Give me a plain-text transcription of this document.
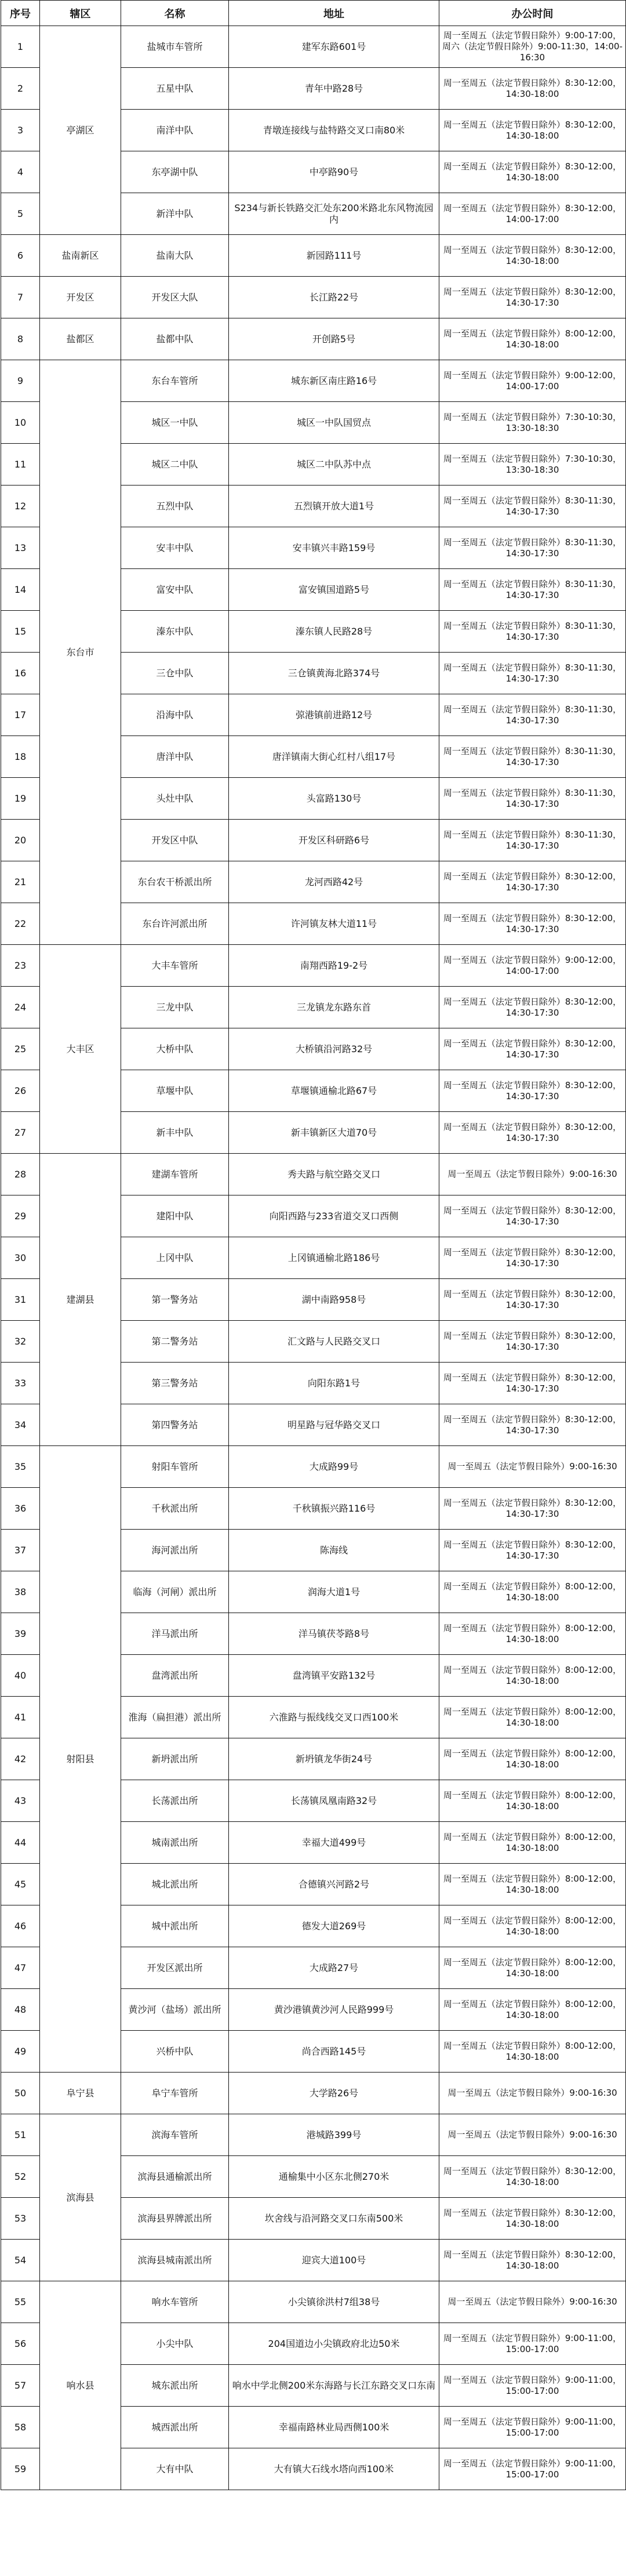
序号	辖区	名称	地址	办公时间
1	亭湖区	盐城市车管所	建军东路601号	周一至周五（法定节假日除外）9:00-17:00，周六（法定节假日除外）9:00-11:30，14:00-16:30
2		五星中队	青年中路28号	周一至周五（法定节假日除外）8:30-12:00，14:30-18:00
3		南洋中队	青墩连接线与盐特路交叉口南80米	周一至周五（法定节假日除外）8:30-12:00，14:30-18:00
4		东亭湖中队	中亭路90号	周一至周五（法定节假日除外）8:30-12:00，14:30-18:00
5		新洋中队	S234与新长铁路交汇处东200米路北东风物流园内	周一至周五（法定节假日除外）8:30-12:00，14:00-17:00
6	盐南新区	盐南大队	新园路111号	周一至周五（法定节假日除外）8:30-12:00，14:30-18:00
7	开发区	开发区大队	长江路22号	周一至周五（法定节假日除外）8:30-12:00，14:30-17:30
8	盐都区	盐都中队	开创路5号	周一至周五（法定节假日除外）8:00-12:00，14:30-18:00
9	东台市	东台车管所	城东新区南庄路16号	周一至周五（法定节假日除外）9:00-12:00，14:00-17:00
10		城区一中队	城区一中队国贸点	周一至周五（法定节假日除外）7:30-10:30，13:30-18:30
11		城区二中队	城区二中队苏中点	周一至周五（法定节假日除外）7:30-10:30，13:30-18:30
12		五烈中队	五烈镇开放大道1号	周一至周五（法定节假日除外）8:30-11:30，14:30-17:30
13		安丰中队	安丰镇兴丰路159号	周一至周五（法定节假日除外）8:30-11:30，14:30-17:30
14		富安中队	富安镇国道路5号	周一至周五（法定节假日除外）8:30-11:30，14:30-17:30
15		溱东中队	溱东镇人民路28号	周一至周五（法定节假日除外）8:30-11:30，14:30-17:30
16		三仓中队	三仓镇黄海北路374号	周一至周五（法定节假日除外）8:30-11:30，14:30-17:30
17		沿海中队	弶港镇前进路12号	周一至周五（法定节假日除外）8:30-11:30，14:30-17:30
18		唐洋中队	唐洋镇南大街心红村八组17号	周一至周五（法定节假日除外）8:30-11:30，14:30-17:30
19		头灶中队	头富路130号	周一至周五（法定节假日除外）8:30-11:30，14:30-17:30
20		开发区中队	开发区科研路6号	周一至周五（法定节假日除外）8:30-11:30，14:30-17:30
21		东台农干桥派出所	龙河西路42号	周一至周五（法定节假日除外）8:30-12:00，14:30-17:30
22		东台许河派出所	许河镇友林大道11号	周一至周五（法定节假日除外）8:30-12:00，14:30-17:30
23	大丰区	大丰车管所	南翔西路19-2号	周一至周五（法定节假日除外）9:00-12:00，14:00-17:00
24		三龙中队	三龙镇龙东路东首	周一至周五（法定节假日除外）8:30-12:00，14:30-17:30
25		大桥中队	大桥镇沿河路32号	周一至周五（法定节假日除外）8:30-12:00，14:30-17:30
26		草堰中队	草堰镇通榆北路67号	周一至周五（法定节假日除外）8:30-12:00，14:30-17:30
27		新丰中队	新丰镇新区大道70号	周一至周五（法定节假日除外）8:30-12:00，14:30-17:30
28	建湖县	建湖车管所	秀夫路与航空路交叉口	周一至周五（法定节假日除外）9:00-16:30
29		建阳中队	向阳西路与233省道交叉口西侧	周一至周五（法定节假日除外）8:30-12:00，14:30-17:30
30		上冈中队	上冈镇通榆北路186号	周一至周五（法定节假日除外）8:30-12:00，14:30-17:30
31		第一警务站	湖中南路958号	周一至周五（法定节假日除外）8:30-12:00，14:30-17:30
32		第二警务站	汇文路与人民路交叉口	周一至周五（法定节假日除外）8:30-12:00，14:30-17:30
33		第三警务站	向阳东路1号	周一至周五（法定节假日除外）8:30-12:00，14:30-17:30
34		第四警务站	明星路与冠华路交叉口	周一至周五（法定节假日除外）8:30-12:00，14:30-17:30
35	射阳县	射阳车管所	大成路99号	周一至周五（法定节假日除外）9:00-16:30
36		千秋派出所	千秋镇振兴路116号	周一至周五（法定节假日除外）8:30-12:00，14:30-17:30
37		海河派出所	陈海线	周一至周五（法定节假日除外）8:30-12:00，14:30-17:30
38		临海（河闸）派出所	润海大道1号	周一至周五（法定节假日除外）8:00-12:00，14:30-18:00
39		洋马派出所	洋马镇茯苓路8号	周一至周五（法定节假日除外）8:00-12:00，14:30-18:00
40		盘湾派出所	盘湾镇平安路132号	周一至周五（法定节假日除外）8:00-12:00，14:30-18:00
41		淮海（扁担港）派出所	六淮路与振线线交叉口西100米	周一至周五（法定节假日除外）8:00-12:00，14:30-18:00
42		新坍派出所	新坍镇龙华街24号	周一至周五（法定节假日除外）8:00-12:00，14:30-18:00
43		长荡派出所	长荡镇凤凰南路32号	周一至周五（法定节假日除外）8:00-12:00，14:30-18:00
44		城南派出所	幸福大道499号	周一至周五（法定节假日除外）8:00-12:00，14:30-18:00
45		城北派出所	合德镇兴河路2号	周一至周五（法定节假日除外）8:00-12:00，14:30-18:00
46		城中派出所	德发大道269号	周一至周五（法定节假日除外）8:00-12:00，14:30-18:00
47		开发区派出所	大成路27号	周一至周五（法定节假日除外）8:00-12:00，14:30-18:00
48		黄沙河（盐场）派出所	黄沙港镇黄沙河人民路999号	周一至周五（法定节假日除外）8:00-12:00，14:30-18:00
49		兴桥中队	尚合西路145号	周一至周五（法定节假日除外）8:00-12:00，14:30-18:00
50	阜宁县	阜宁车管所	大学路26号	周一至周五（法定节假日除外）9:00-16:30
51	滨海县	滨海车管所	港城路399号	周一至周五（法定节假日除外）9:00-16:30
52		滨海县通榆派出所	通榆集中小区东北侧270米	周一至周五（法定节假日除外）8:30-12:00，14:30-18:00
53		滨海县界牌派出所	坎舍线与沿河路交叉口东南500米	周一至周五（法定节假日除外）8:30-12:00，14:30-18:00
54		滨海县城南派出所	迎宾大道100号	周一至周五（法定节假日除外）8:30-12:00，14:30-18:00
55	响水县	响水车管所	小尖镇徐洪村7组38号	周一至周五（法定节假日除外）9:00-16:30
56		小尖中队	204国道边小尖镇政府北边50米	周一至周五（法定节假日除外）9:00-11:00，15:00-17:00
57		城东派出所	响水中学北侧200米东海路与长江东路交叉口东南	周一至周五（法定节假日除外）9:00-11:00，15:00-17:00
58		城西派出所	幸福南路林业局西侧100米	周一至周五（法定节假日除外）9:00-11:00，15:00-17:00
59		大有中队	大有镇大石线水塔向西100米	周一至周五（法定节假日除外）9:00-11:00，15:00-17:00
